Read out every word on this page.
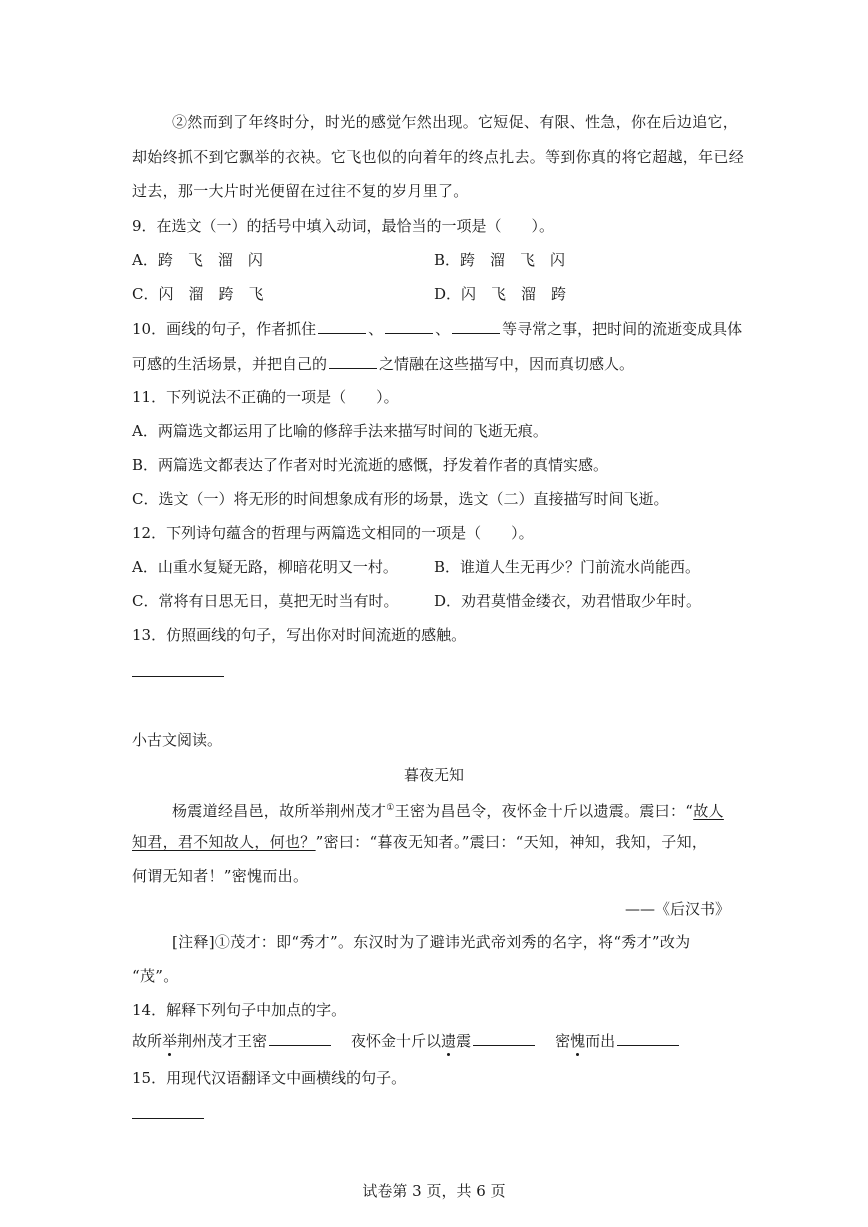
②然而到了年终时分，时光的感觉乍然出现。它短促、有限、性急，你在后边追它，
却始终抓不到它飘举的衣袂。它飞也似的向着年的终点扎去。等到你真的将它超越，年已经
过去，那一大片时光便留在过往不复的岁月里了。
9．在选文（一）的括号中填入动词，最恰当的一项是（　　）。
A．跨　飞　溜　闪	B．跨　溜　飞　闪
C．闪　溜　跨　飞	D．闪　飞　溜　跨
10．画线的句子，作者抓住	、	、	等寻常之事，把时间的流逝变成具体
可感的生活场景，并把自己的	之情融在这些描写中，因而真切感人。
11．下列说法不正确的一项是（　　）。
A．两篇选文都运用了比喻的修辞手法来描写时间的飞逝无痕。
B．两篇选文都表达了作者对时光流逝的感慨，抒发着作者的真情实感。
C．选文（一）将无形的时间想象成有形的场景，选文（二）直接描写时间飞逝。
12．下列诗句蕴含的哲理与两篇选文相同的一项是（　　）。
A．山重水复疑无路，柳暗花明又一村。 B．谁道人生无再少？门前流水尚能西。
C．常将有日思无日，莫把无时当有时。 D．劝君莫惜金缕衣，劝君惜取少年时。
13．仿照画线的句子，写出你对时间流逝的感触。
小古文阅读。
暮夜无知
杨震道经昌邑，故所举荆州茂才①王密为昌邑令，夜怀金十斤以遗震。震曰：“故人
知君，君不知故人，何也？”密曰：“暮夜无知者。”震曰：“天知，神知，我知，子知，
何谓无知者！”密愧而出。
——《后汉书》
[注释]①茂才：即“秀才”。东汉时为了避讳光武帝刘秀的名字，将“秀才”改为
“茂”。
14．解释下列句子中加点的字。
故所举荆州茂才王密	夜怀金十斤以遗震	密愧而出
15．用现代汉语翻译文中画横线的句子。
试卷第 3 页，共 6 页
